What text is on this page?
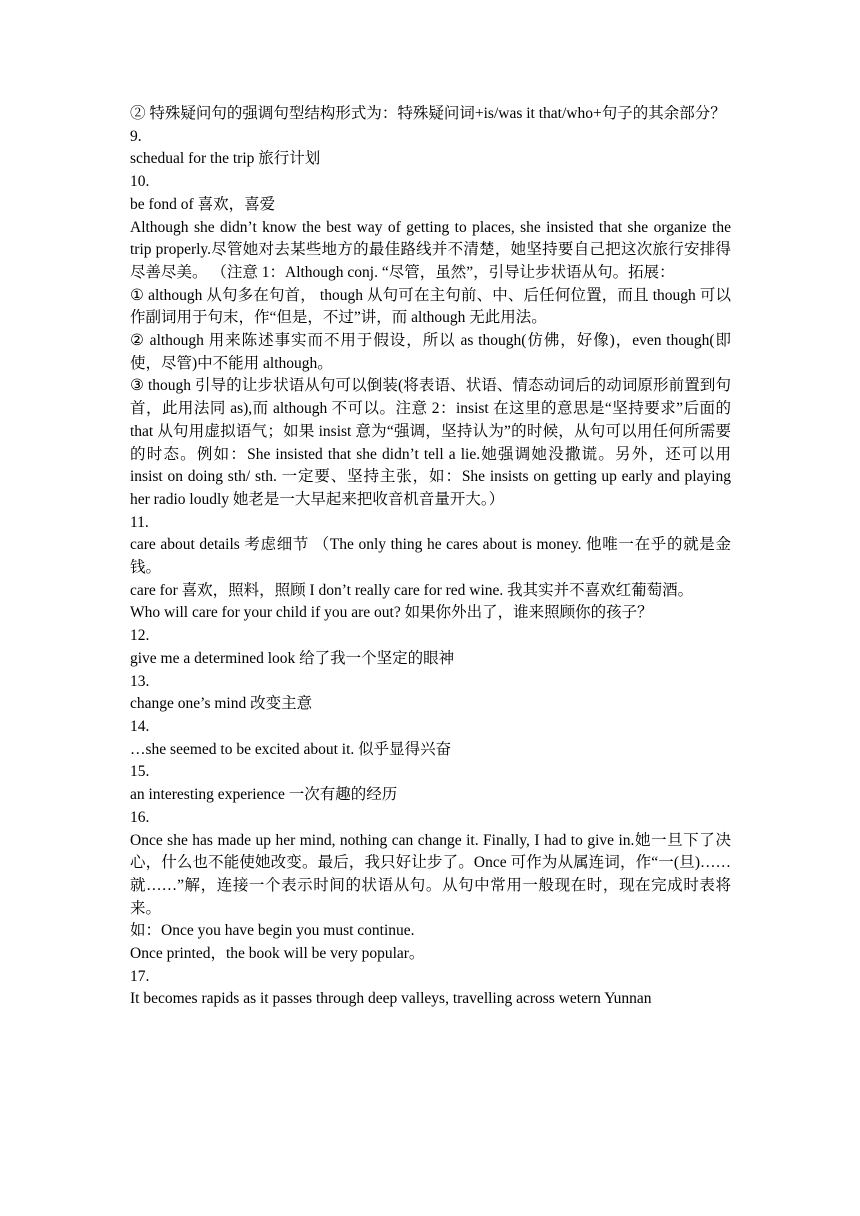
② 特殊疑问句的强调句型结构形式为：特殊疑问词+is/was it that/who+句子的其余部分？

9.

schedual for the trip 旅行计划

10.

be fond of 喜欢，喜爱

Although she didn’t know the best way of getting to places, she insisted that she organize the trip properly.尽管她对去某些地方的最佳路线并不清楚，她坚持要自己把这次旅行安排得尽善尽美。 （注意 1：Although conj. “尽管，虽然”，引导让步状语从句。拓展：

① although 从句多在句首， though 从句可在主句前、中、后任何位置，而且 though 可以作副词用于句末，作“但是，不过”讲，而 although 无此用法。

② although 用来陈述事实而不用于假设，所以 as though(仿佛，好像)，even though(即使，尽管)中不能用 although。

③ though 引导的让步状语从句可以倒装(将表语、状语、情态动词后的动词原形前置到句首，此用法同 as),而 although 不可以。注意 2：insist 在这里的意思是“坚持要求”后面的 that 从句用虚拟语气；如果 insist 意为“强调，坚持认为”的时候，从句可以用任何所需要的时态。例如：She insisted that she didn’t tell a lie.她强调她没撒谎。另外，还可以用 insist on doing sth/ sth. 一定要、坚持主张，如：She insists on getting up early and playing her radio loudly 她老是一大早起来把收音机音量开大。）

11.

care about details 考虑细节 （The only thing he cares about is money. 他唯一在乎的就是金钱。

care for 喜欢，照料，照顾 I don’t really care for red wine. 我其实并不喜欢红葡萄酒。

Who will care for your child if you are out? 如果你外出了，谁来照顾你的孩子？

12.

give me a determined look 给了我一个坚定的眼神

13.

change one’s mind 改变主意

14.

…she seemed to be excited about it. 似乎显得兴奋

15.

an interesting experience 一次有趣的经历

16.

Once she has made up her mind, nothing can change it. Finally, I had to give in.她一旦下了决心，什么也不能使她改变。最后，我只好让步了。Once 可作为从属连词，作“一(旦)……就……”解，连接一个表示时间的状语从句。从句中常用一般现在时，现在完成时表将来。

如：Once you have begin you must continue.

Once printed，the book will be very popular。

17.

It becomes rapids as it passes through deep valleys, travelling across wetern Yunnan
